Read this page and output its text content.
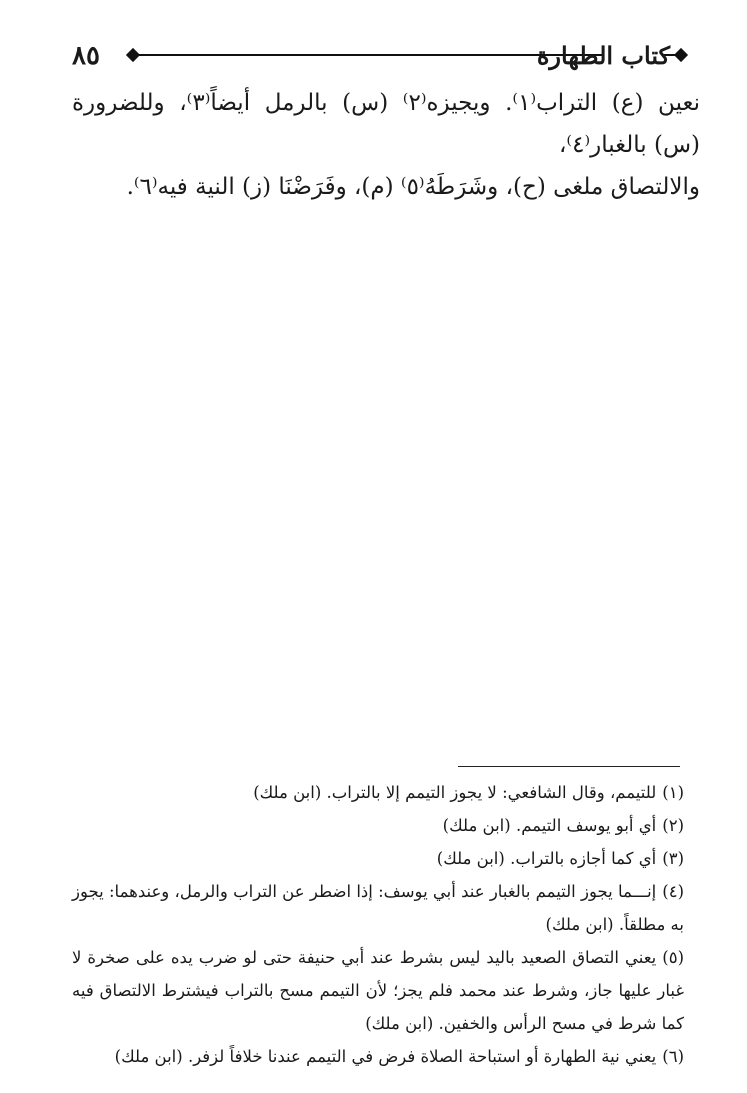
٨٥	كتاب الطهارة

نعين (ع) التراب⁽١⁾. ويجيزه⁽٢⁾ (س) بالرمل أيضاً⁽٣⁾، وللضرورة (س) بالغبار⁽٤⁾،

والالتصاق ملغى (ح)، وشَرَطَهُ⁽٥⁾ (م)، وفَرَضْنَا (ز) النية فيه⁽٦⁾.

(١)للتيمم، وقال الشافعي: لا يجوز التيمم إلا بالتراب. (ابن ملك)

(٢)أي أبو يوسف التيمم. (ابن ملك)

(٣)أي كما أجازه بالتراب. (ابن ملك)

(٤)إنـــما يجوز التيمم بالغبار عند أبي يوسف: إذا اضطر عن التراب والرمل، وعندهما: يجوز به مطلقاً. (ابن ملك)

(٥)يعني التصاق الصعيد باليد ليس بشرط عند أبي حنيفة حتى لو ضرب يده على صخرة لا غبار عليها جاز، وشرط عند محمد فلم يجز؛ لأن التيمم مسح بالتراب فيشترط الالتصاق فيه كما شرط في مسح الرأس والخفين. (ابن ملك)

(٦)يعني نية الطهارة أو استباحة الصلاة فرض في التيمم عندنا خلافاً لزفر. (ابن ملك)
